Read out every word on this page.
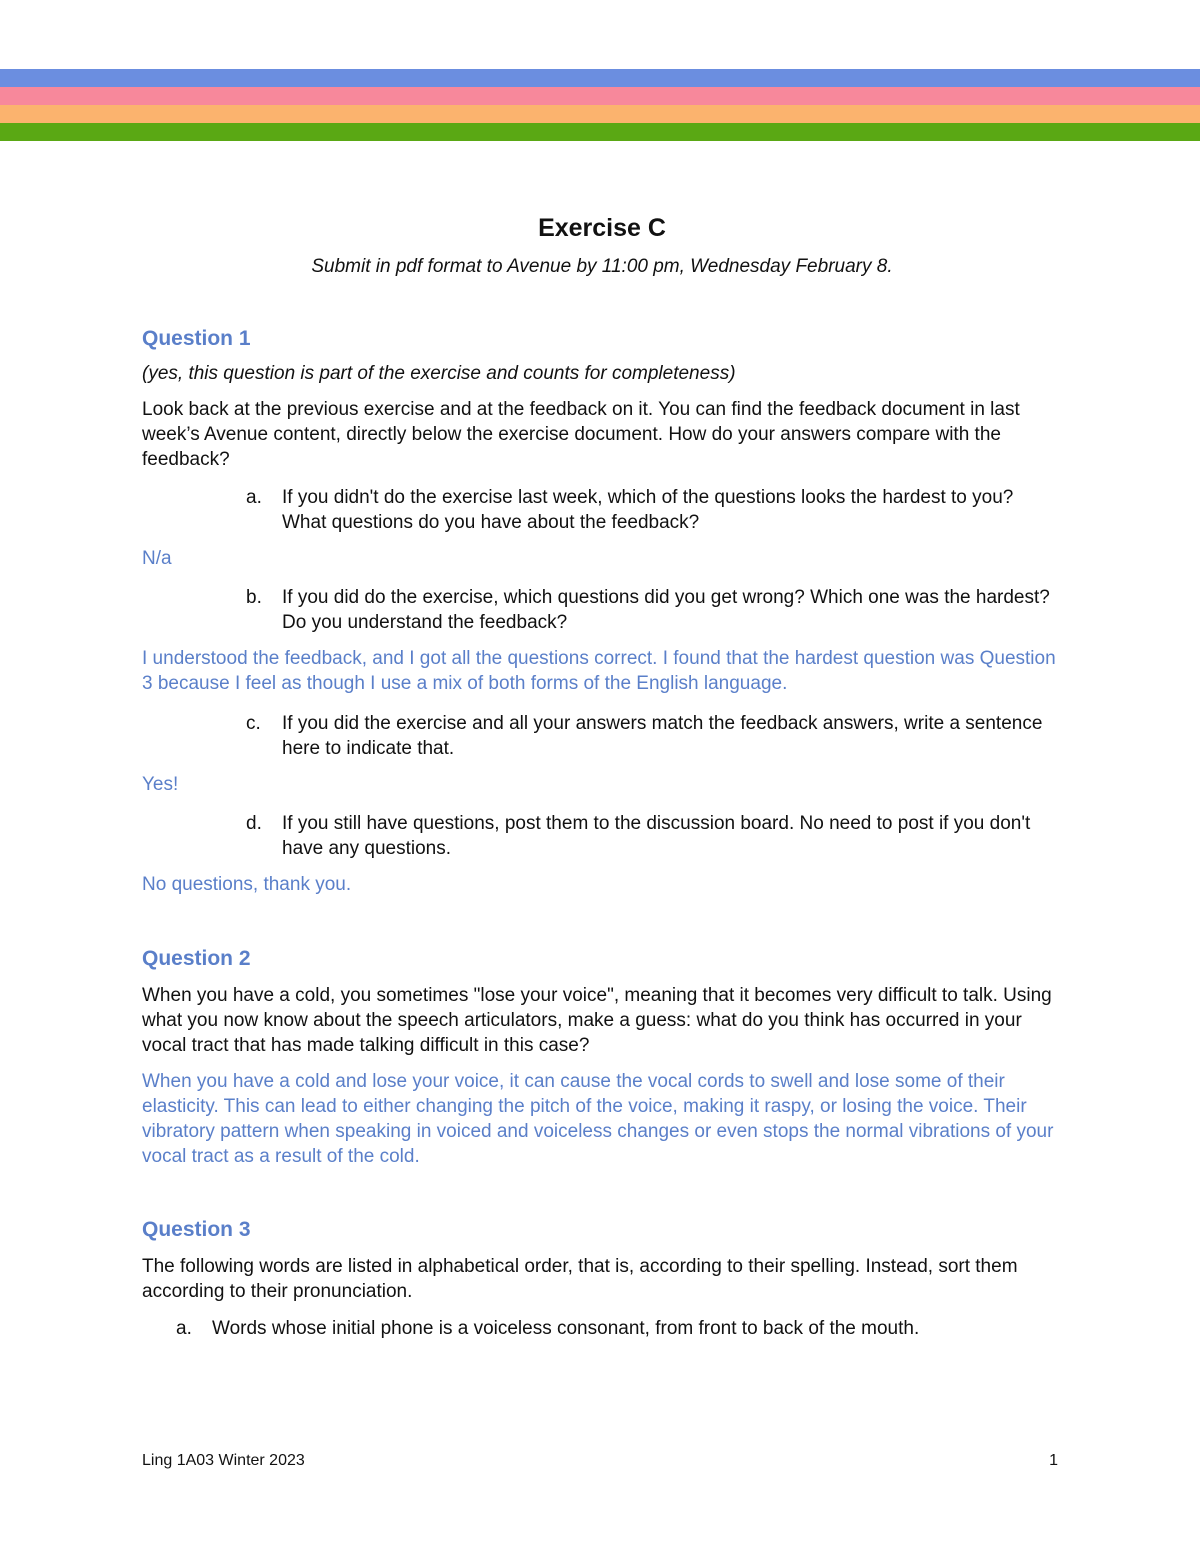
Exercise C

Submit in pdf format to Avenue by 11:00 pm, Wednesday February 8.

Question 1

(yes, this question is part of the exercise and counts for completeness)

Look back at the previous exercise and at the feedback on it. You can find the feedback document in last week’s Avenue content, directly below the exercise document. How do your answers compare with the feedback?

a. If you didn't do the exercise last week, which of the questions looks the hardest to you? What questions do you have about the feedback?

N/a

b. If you did do the exercise, which questions did you get wrong? Which one was the hardest? Do you understand the feedback?

I understood the feedback, and I got all the questions correct. I found that the hardest question was Question 3 because I feel as though I use a mix of both forms of the English language.

c. If you did the exercise and all your answers match the feedback answers, write a sentence here to indicate that.

Yes!

d. If you still have questions, post them to the discussion board. No need to post if you don't have any questions.

No questions, thank you.

Question 2

When you have a cold, you sometimes "lose your voice", meaning that it becomes very difficult to talk. Using what you now know about the speech articulators, make a guess: what do you think has occurred in your vocal tract that has made talking difficult in this case?

When you have a cold and lose your voice, it can cause the vocal cords to swell and lose some of their elasticity. This can lead to either changing the pitch of the voice, making it raspy, or losing the voice. Their vibratory pattern when speaking in voiced and voiceless changes or even stops the normal vibrations of your vocal tract as a result of the cold.

Question 3

The following words are listed in alphabetical order, that is, according to their spelling. Instead, sort them according to their pronunciation.

a. Words whose initial phone is a voiceless consonant, from front to back of the mouth.
Ling 1A03 Winter 2023	1
